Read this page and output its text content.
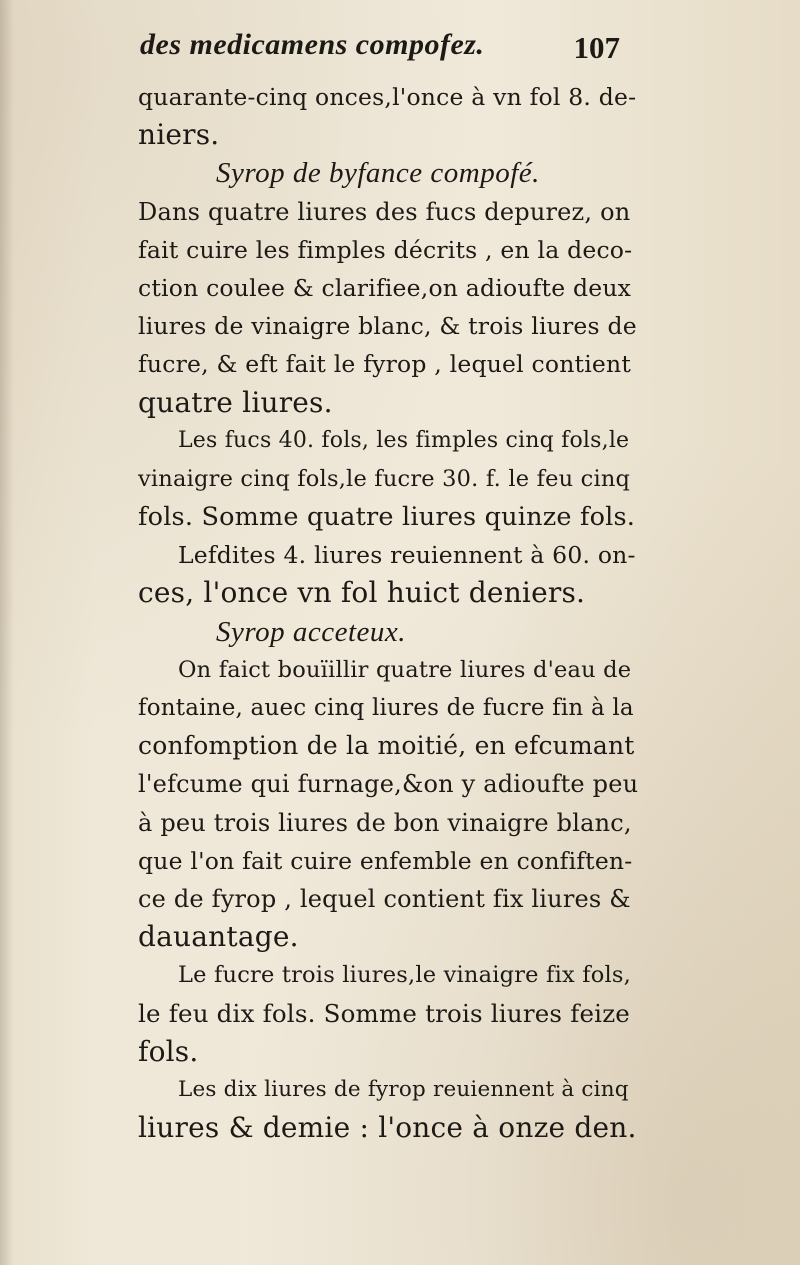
des medicamens compofez.	107
quarante-cinq onces,l'once à vn fol 8. de-
niers.
Syrop de byfance compofé.
Dans quatre liures des fucs depurez, on
fait cuire les fimples décrits , en la deco-
ction coulee & clarifiee,on adioufte deux
liures de vinaigre blanc, & trois liures de
fucre, & eft fait le fyrop , lequel contient
quatre liures.
Les fucs 40. fols, les fimples cinq fols,le
vinaigre cinq fols,le fucre 30. f. le feu cinq
fols. Somme quatre liures quinze fols.
Lefdites 4. liures reuiennent à 60. on-
ces, l'once vn fol huict deniers.
Syrop acceteux.
On faict bouïillir quatre liures d'eau de
fontaine, auec cinq liures de fucre fin à la
confomption de la moitié, en efcumant
l'efcume qui furnage,&on y adioufte peu
à peu trois liures de bon vinaigre blanc,
que l'on fait cuire enfemble en confiften-
ce de fyrop , lequel contient fix liures &
dauantage.
Le fucre trois liures,le vinaigre fix fols,
le feu dix fols. Somme trois liures feize
fols.
Les dix liures de fyrop reuiennent à cinq
liures & demie : l'once à onze den.
